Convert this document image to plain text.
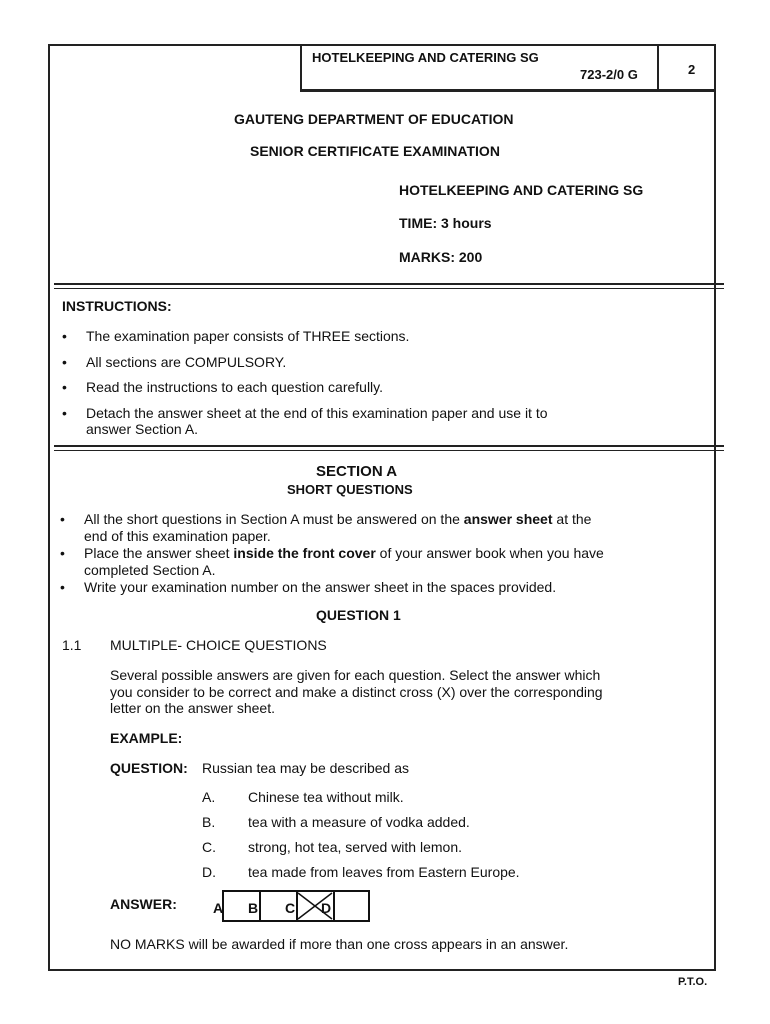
HOTELKEEPING AND CATERING SG
723-2/0 G	2
GAUTENG DEPARTMENT OF EDUCATION
SENIOR CERTIFICATE EXAMINATION
HOTELKEEPING AND CATERING SG
TIME: 3 hours
MARKS: 200
INSTRUCTIONS:
• The examination paper consists of THREE sections.
• All sections are COMPULSORY.
• Read the instructions to each question carefully.
• Detach the answer sheet at the end of this examination paper and use it to
answer Section A.
SECTION A
SHORT QUESTIONS
• All the short questions in Section A must be answered on the answer sheet at the
end of this examination paper.
• Place the answer sheet inside the front cover of your answer book when you have
completed Section A.
• Write your examination number on the answer sheet in the spaces provided.
QUESTION 1
1.1 MULTIPLE- CHOICE QUESTIONS
Several possible answers are given for each question. Select the answer which
you consider to be correct and make a distinct cross (X) over the corresponding
letter on the answer sheet.
EXAMPLE:
QUESTION: Russian tea may be described as
A. Chinese tea without milk.
B. tea with a measure of vodka added.
C. strong, hot tea, served with lemon.
D. tea made from leaves from Eastern Europe.
ANSWER:	A B C D
NO MARKS will be awarded if more than one cross appears in an answer.
P.T.O.
